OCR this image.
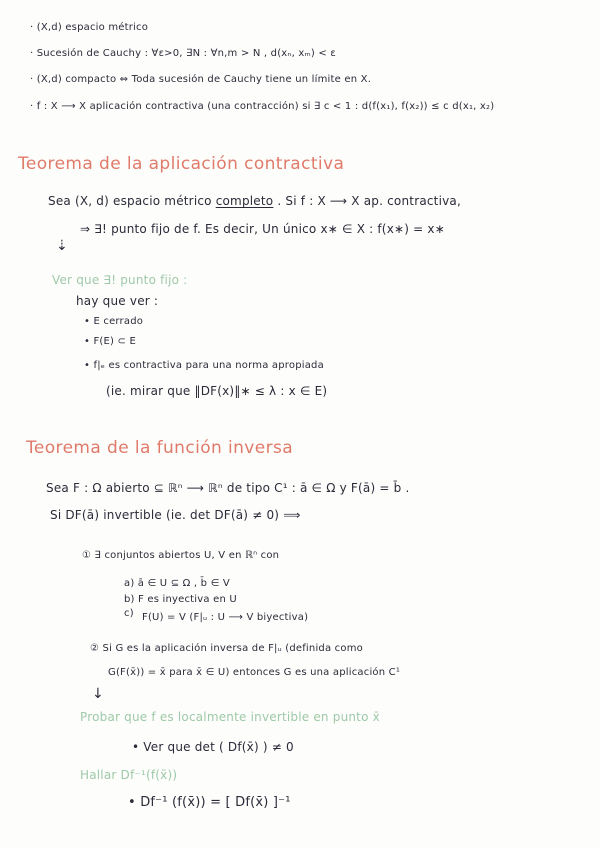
· (X,d) espacio métrico
· Sucesión de Cauchy : ∀ε>0, ∃N : ∀n,m > N , d(xₙ, xₘ) < ε
· (X,d) compacto ⇔ Toda sucesión de Cauchy tiene un límite en X.
· f : X ⟶ X aplicación contractiva (una contracción) si ∃ c < 1 : d(f(x₁), f(x₂)) ≤ c d(x₁, x₂)
Teorema de la aplicación contractiva
Sea (X, d) espacio métrico completo . Si f : X ⟶ X ap. contractiva,
⇒ ∃! punto fijo de f. Es decir, Un único x∗ ∈ X : f(x∗) = x∗
⇣
Ver que ∃! punto fijo :
hay que ver :
• E cerrado
• F(E) ⊂ E
• f|ₑ es contractiva para una norma apropiada
(ie. mirar que ‖DF(x)‖∗ ≤ λ : x ∈ E)
Teorema de la función inversa
Sea F : Ω abierto ⊆ ℝⁿ ⟶ ℝⁿ de tipo C¹ : ā ∈ Ω y F(ā) = b̄ .
Si DF(ā) invertible (ie. det DF(ā) ≠ 0) ⟹
① ∃ conjuntos abiertos U, V en ℝⁿ con
a) ā ∈ U ⊆ Ω , b̄ ∈ V
b) F es inyectiva en U
c) F(U) = V (F|ᵤ : U ⟶ V biyectiva)
② Si G es la aplicación inversa de F|ᵤ (definida como
G(F(x̄)) = x̄ para x̄ ∈ U) entonces G es una aplicación C¹
↓
Probar que f es localmente invertible en punto x̄
• Ver que det ( Df(x̄) ) ≠ 0
Hallar Df⁻¹(f(x̄))
• Df⁻¹ (f(x̄)) = [ Df(x̄) ]⁻¹
